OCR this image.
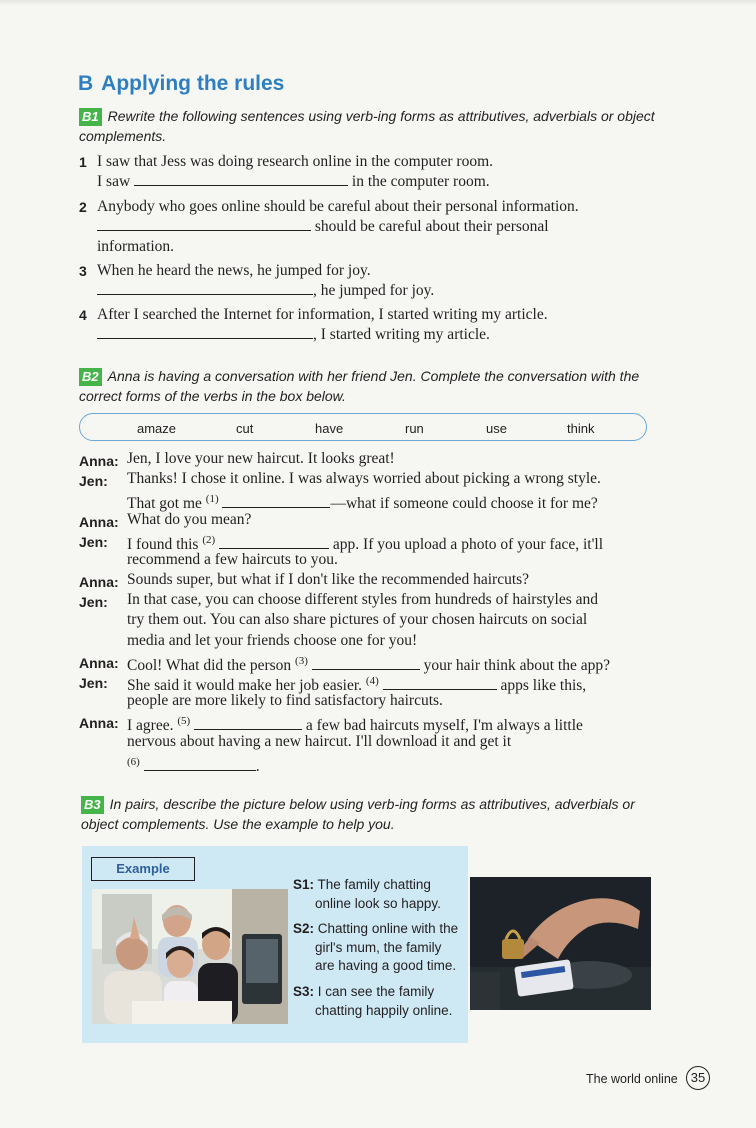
B Applying the rules
B1 Rewrite the following sentences using verb-ing forms as attributives, adverbials or object
complements.
1 I saw that Jess was doing research online in the computer room.
I saw	in the computer room.
2 Anybody who goes online should be careful about their personal information.
should be careful about their personal
information.
3 When he heard the news, he jumped for joy.
, he jumped for joy.
4 After I searched the Internet for information, I started writing my article.
, I started writing my article.
B2 Anna is having a conversation with her friend Jen. Complete the conversation with the
correct forms of the verbs in the box below.
amaze	cut	have	run	use	think
Anna: Jen, I love your new haircut. It looks great!
Jen: Thanks! I chose it online. I was always worried about picking a wrong style.
That got me $^{(1)}$	—what if someone could choose it for me?
Anna: What do you mean?
Jen: I found this $^{(2)}$	app. If you upload a photo of your face, it'll
recommend a few haircuts to you.
Anna: Sounds super, but what if I don't like the recommended haircuts?
Jen: In that case, you can choose different styles from hundreds of hairstyles and
try them out. You can also share pictures of your chosen haircuts on social
media and let your friends choose one for you!
Anna: Cool! What did the person $^{(3)}$	your hair think about the app?
Jen: She said it would make her job easier. $^{(4)}$	apps like this,
people are more likely to find satisfactory haircuts.
Anna: I agree. $^{(5)}$	a few bad haircuts myself, I'm always a little
nervous about having a new haircut. I'll download it and get it
$^{(6)}$	.
B3 In pairs, describe the picture below using verb-ing forms as attributives, adverbials or
object complements. Use the example to help you.
Example
S1: The family chatting
online look so happy.
S2: Chatting online with the
girl's mum, the family
are having a good time.
S3: I can see the family
chatting happily online.
The world online	35
